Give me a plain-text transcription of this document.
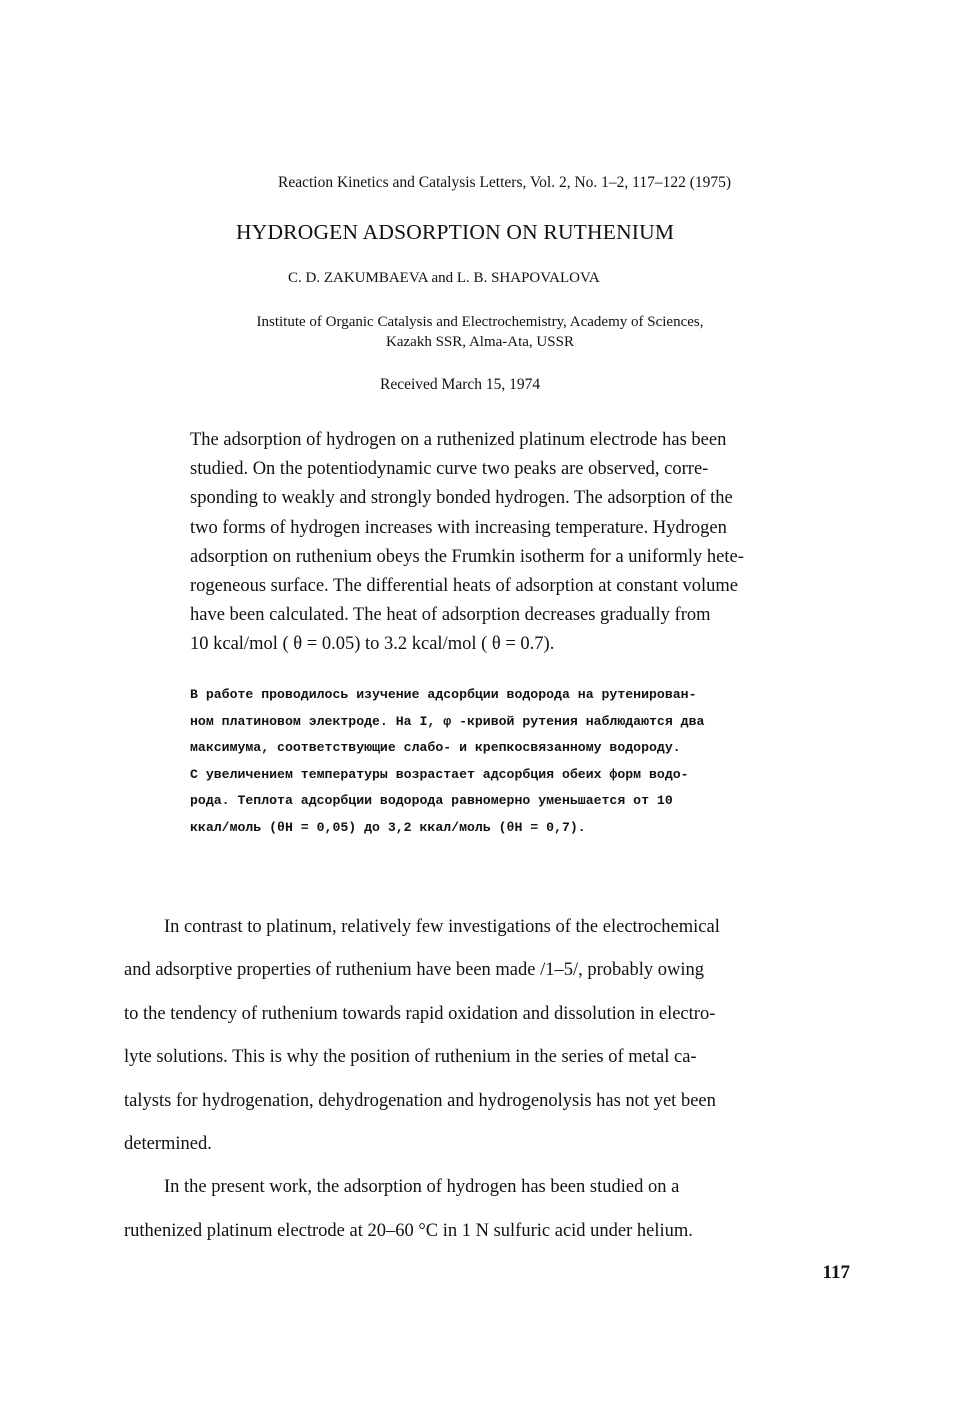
Reaction Kinetics and Catalysis Letters, Vol. 2, No. 1–2, 117–122 (1975)
HYDROGEN ADSORPTION ON RUTHENIUM
C. D. ZAKUMBAEVA and L. B. SHAPOVALOVA
Institute of Organic Catalysis and Electrochemistry, Academy of Sciences,
Kazakh SSR, Alma-Ata, USSR
Received March 15, 1974
The adsorption of hydrogen on a ruthenized platinum electrode has been
studied. On the potentiodynamic curve two peaks are observed, corre-
sponding to weakly and strongly bonded hydrogen. The adsorption of the
two forms of hydrogen increases with increasing temperature. Hydrogen
adsorption on ruthenium obeys the Frumkin isotherm for a uniformly hete-
rogeneous surface. The differential heats of adsorption at constant volume
have been calculated. The heat of adsorption decreases gradually from
10 kcal/mol ( θ = 0.05) to 3.2 kcal/mol ( θ = 0.7).
В работе проводилось изучение адсорбции водорода на рутенирован-
ном платиновом электроде. На I, φ -кривой рутения наблюдаются два
максимума, соответствующие слабо- и крепкосвязанному водороду.
С увеличением температуры возрастает адсорбция обеих форм водо-
рода. Теплота адсорбции водорода равномерно уменьшается от 10
ккал/моль (θН = 0,05) до 3,2 ккал/моль (θН = 0,7).
In contrast to platinum, relatively few investigations of the electrochemical
and adsorptive properties of ruthenium have been made /1–5/, probably owing
to the tendency of ruthenium towards rapid oxidation and dissolution in electro-
lyte solutions. This is why the position of ruthenium in the series of metal ca-
talysts for hydrogenation, dehydrogenation and hydrogenolysis has not yet been
determined.
In the present work, the adsorption of hydrogen has been studied on a
ruthenized platinum electrode at 20–60 °C in 1 N sulfuric acid under helium.
117
